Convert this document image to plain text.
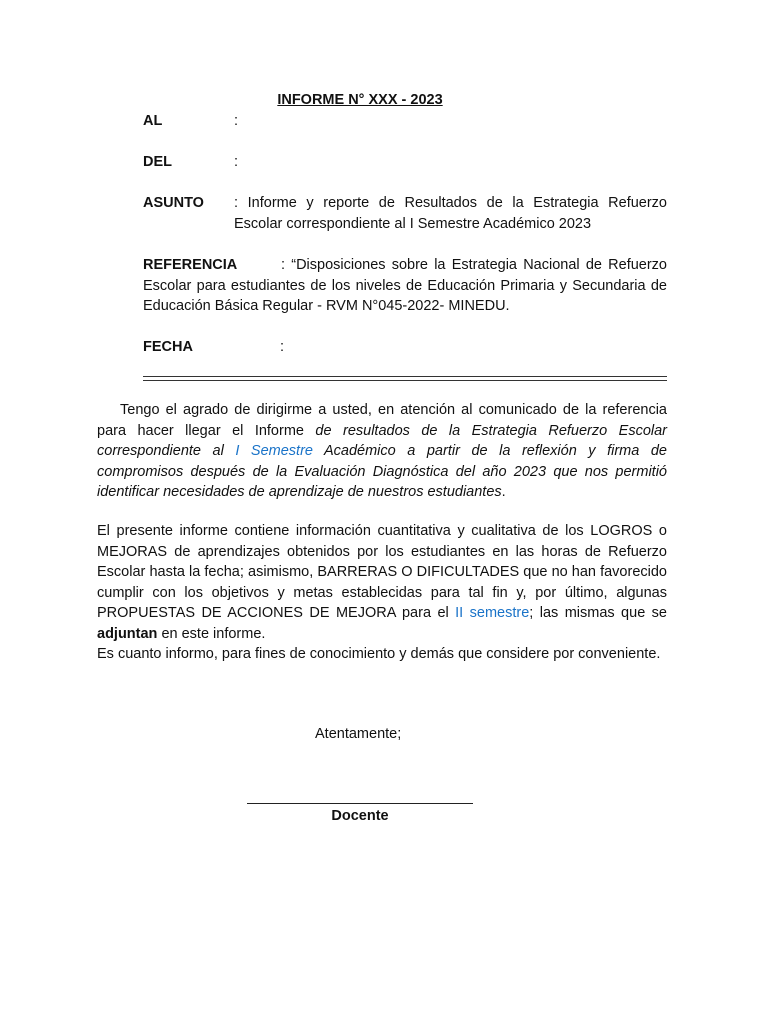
INFORME N° XXX - 2023
AL	:
DEL	:
ASUNTO	: Informe y reporte de Resultados de la Estrategia Refuerzo
Escolar correspondiente al I Semestre Académico 2023
REFERENCIA	: “Disposiciones sobre la Estrategia Nacional de Refuerzo
Escolar para estudiantes de los niveles de Educación Primaria y Secundaria de Educación Básica Regular - RVM N°045-2022- MINEDU.
FECHA	:
Tengo el agrado de dirigirme a usted, en atención al comunicado de la referencia para hacer llegar el Informe de resultados de la Estrategia Refuerzo Escolar correspondiente al I Semestre Académico a partir de la reflexión y firma de compromisos después de la Evaluación Diagnóstica del año 2023 que nos permitió identificar necesidades de aprendizaje de nuestros estudiantes.
El presente informe contiene información cuantitativa y cualitativa de los LOGROS o MEJORAS de aprendizajes obtenidos por los estudiantes en las horas de Refuerzo Escolar hasta la fecha; asimismo, BARRERAS O DIFICULTADES que no han favorecido cumplir con los objetivos y metas establecidas para tal fin y, por último, algunas PROPUESTAS DE ACCIONES DE MEJORA para el II semestre; las mismas que se adjuntan en este informe.
Es cuanto informo, para fines de conocimiento y demás que considere por conveniente.
Atentamente;
Docente
